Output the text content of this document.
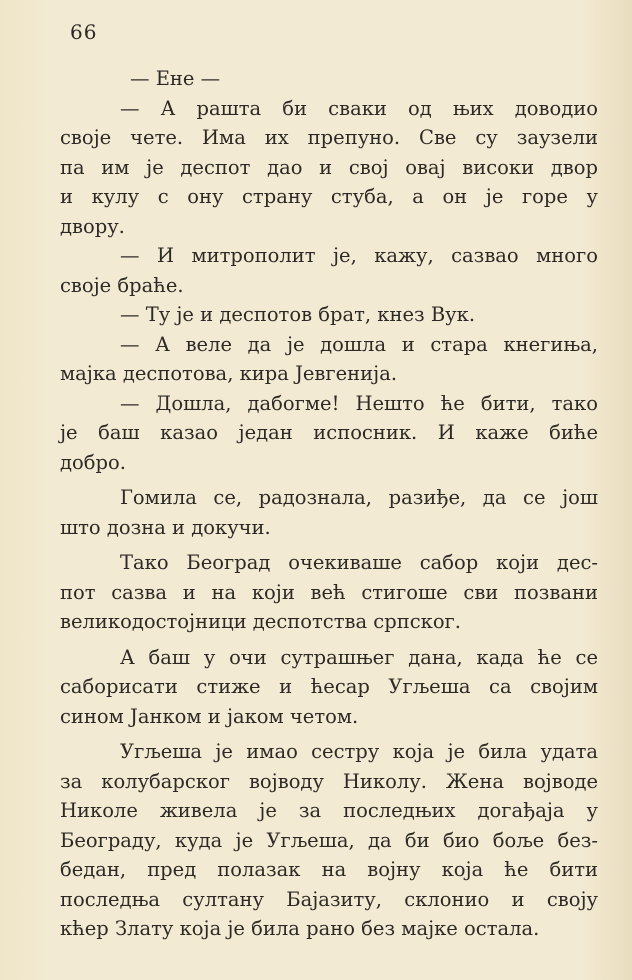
66
— Ене —
— А рашта би сваки од њих доводио
своје чете. Има их препуно. Све су заузели
па им је деспот дао и свој овај високи двор
и кулу с ону страну стуба, а он је горе у
двору.
— И митрополит је, кажу, сазвао много
своје браће.
— Ту је и деспотов брат, кнез Вук.
— А веле да је дошла и стара кнегиња,
мајка деспотова, кира Јевгенија.
— Дошла, дабогме! Нешто ће бити, тако
је баш казао један испосник. И каже биће
добро.
Гомила се, радознала, разиђе, да се још
што дозна и докучи.
Тако Београд очекиваше сабор који дес-
пот сазва и на који већ стигоше сви позвани
великодостојници деспотства српског.
А баш у очи сутрашњег дана, када ће се
саборисати стиже и ћесар Угљеша са својим
сином Јанком и јаком четом.
Угљеша је имао сестру која је била удата
за колубарског војводу Николу. Жена војводе
Николе живела је за последњих догађаја у
Београду, куда је Угљеша, да би био боље без-
бедан, пред полазак на војну која ће бити
последња султану Бајазиту, склонио и своју
кћер Злату која је била рано без мајке остала.
